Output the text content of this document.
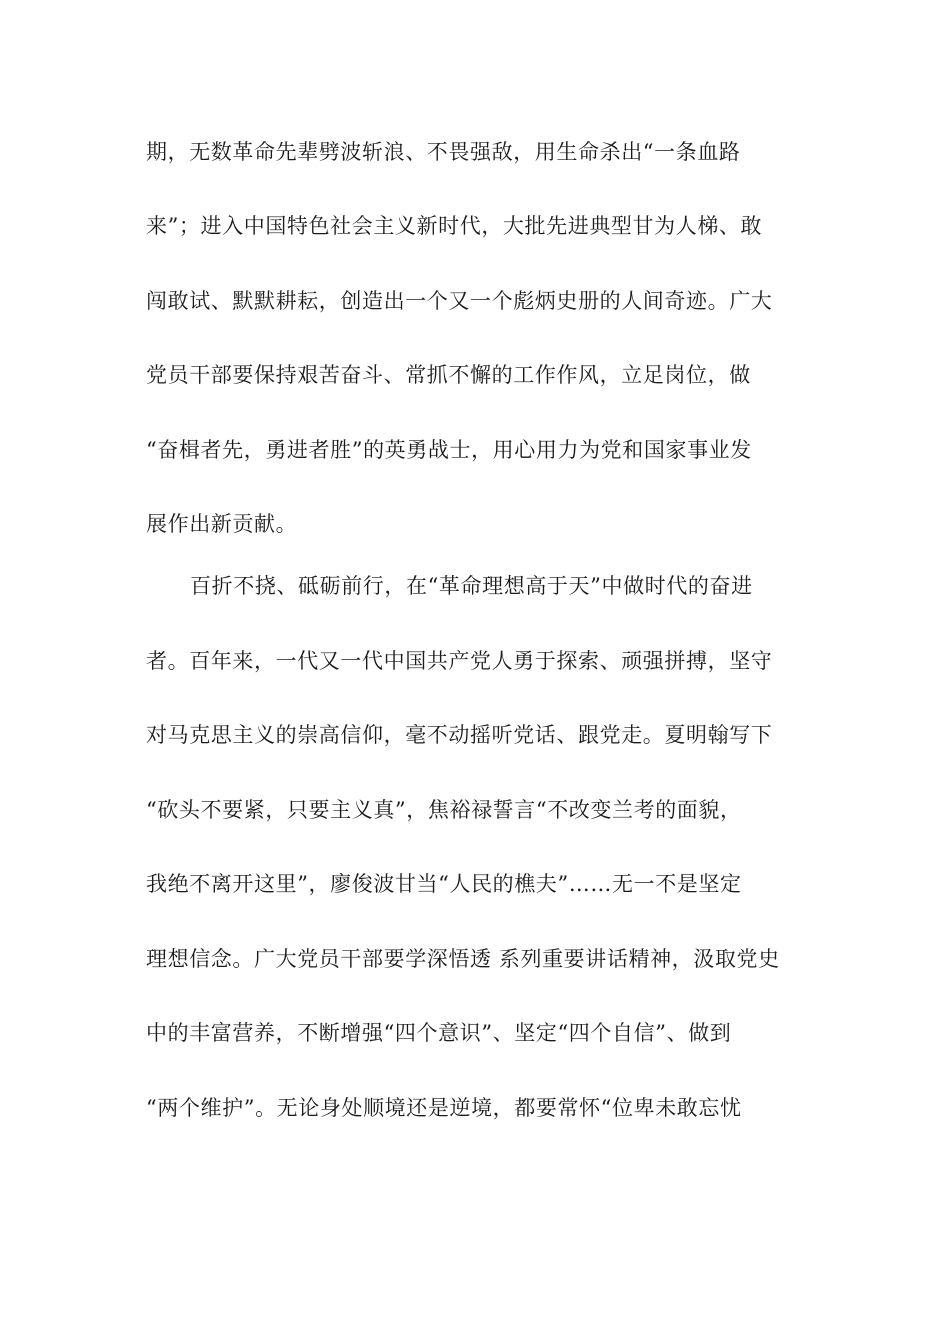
期，无数革命先辈劈波斩浪、不畏强敌，用生命杀出“一条血路
来”；进入中国特色社会主义新时代，大批先进典型甘为人梯、敢
闯敢试、默默耕耘，创造出一个又一个彪炳史册的人间奇迹。广大
党员干部要保持艰苦奋斗、常抓不懈的工作作风，立足岗位，做
“奋楫者先，勇进者胜”的英勇战士，用心用力为党和国家事业发
展作出新贡献。
百折不挠、砥砺前行，在“革命理想高于天”中做时代的奋进
者。百年来，一代又一代中国共产党人勇于探索、顽强拼搏，坚守
对马克思主义的崇高信仰，毫不动摇听党话、跟党走。夏明翰写下
“砍头不要紧，只要主义真”，焦裕禄誓言“不改变兰考的面貌，
我绝不离开这里”，廖俊波甘当“人民的樵夫”……无一不是坚定
理想信念。广大党员干部要学深悟透 系列重要讲话精神，汲取党史
中的丰富营养，不断增强“四个意识”、坚定“四个自信”、做到
“两个维护”。无论身处顺境还是逆境，都要常怀“位卑未敢忘忧
